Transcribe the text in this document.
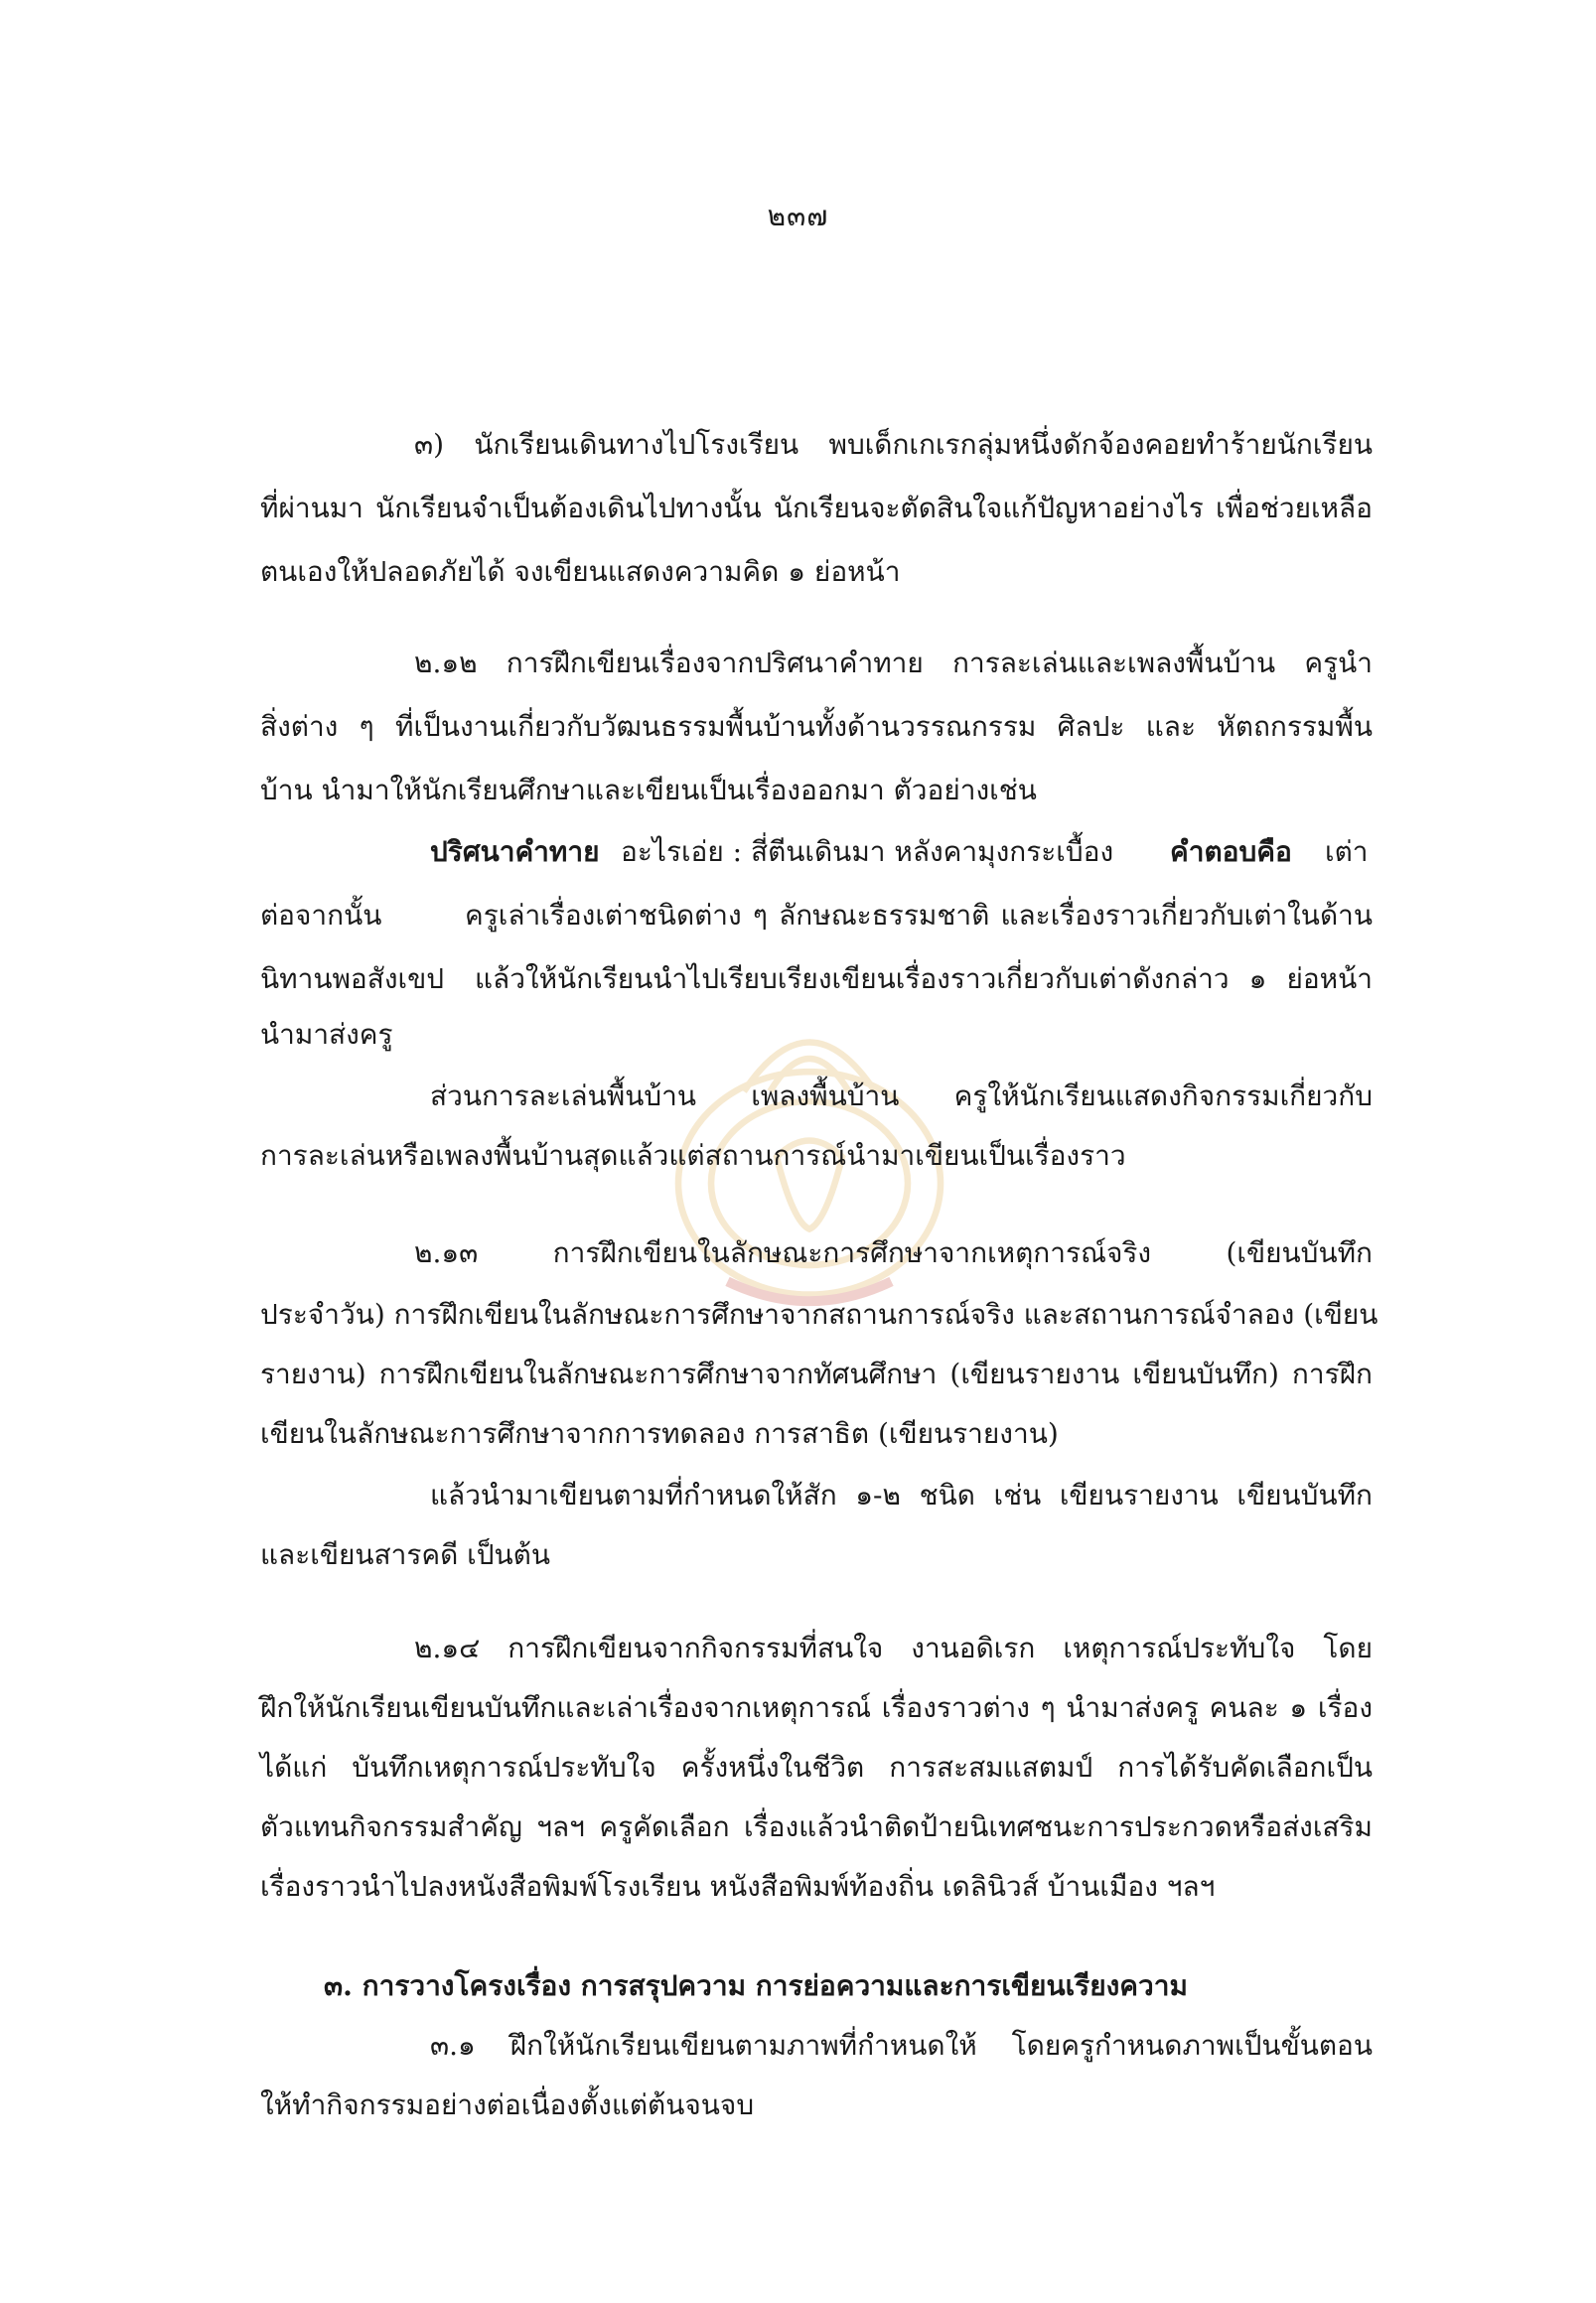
๒๓๗
๓) นักเรียนเดินทางไปโรงเรียน พบเด็กเกเรกลุ่มหนึ่งดักจ้องคอยทำร้ายนักเรียน
ที่ผ่านมา นักเรียนจำเป็นต้องเดินไปทางนั้น นักเรียนจะตัดสินใจแก้ปัญหาอย่างไร เพื่อช่วยเหลือ
ตนเองให้ปลอดภัยได้ จงเขียนแสดงความคิด ๑ ย่อหน้า
๒.๑๒ การฝึกเขียนเรื่องจากปริศนาคำทาย การละเล่นและเพลงพื้นบ้าน ครูนำ
สิ่งต่าง ๆ ที่เป็นงานเกี่ยวกับวัฒนธรรมพื้นบ้านทั้งด้านวรรณกรรม ศิลปะ และ หัตถกรรมพื้น
บ้าน นำมาให้นักเรียนศึกษาและเขียนเป็นเรื่องออกมา ตัวอย่างเช่น
ปริศนาคำทาย อะไรเอ่ย : สี่ตีนเดินมา หลังคามุงกระเบื้อง คำตอบคือ เต่า
ต่อจากนั้น	ครูเล่าเรื่องเต่าชนิดต่าง ๆ ลักษณะธรรมชาติ และเรื่องราวเกี่ยวกับเต่าในด้าน
นิทานพอสังเขป แล้วให้นักเรียนนำไปเรียบเรียงเขียนเรื่องราวเกี่ยวกับเต่าดังกล่าว ๑ ย่อหน้า
นำมาส่งครู
ส่วนการละเล่นพื้นบ้าน เพลงพื้นบ้าน ครูให้นักเรียนแสดงกิจกรรมเกี่ยวกับ
การละเล่นหรือเพลงพื้นบ้านสุดแล้วแต่สถานการณ์นำมาเขียนเป็นเรื่องราว
๒.๑๓ การฝึกเขียนในลักษณะการศึกษาจากเหตุการณ์จริง (เขียนบันทึก
ประจำวัน) การฝึกเขียนในลักษณะการศึกษาจากสถานการณ์จริง และสถานการณ์จำลอง (เขียน
รายงาน) การฝึกเขียนในลักษณะการศึกษาจากทัศนศึกษา (เขียนรายงาน เขียนบันทึก) การฝึก
เขียนในลักษณะการศึกษาจากการทดลอง การสาธิต (เขียนรายงาน)
แล้วนำมาเขียนตามที่กำหนดให้สัก ๑-๒ ชนิด เช่น เขียนรายงาน เขียนบันทึก
และเขียนสารคดี เป็นต้น
๒.๑๔ การฝึกเขียนจากกิจกรรมที่สนใจ งานอดิเรก เหตุการณ์ประทับใจ โดย
ฝึกให้นักเรียนเขียนบันทึกและเล่าเรื่องจากเหตุการณ์ เรื่องราวต่าง ๆ นำมาส่งครู คนละ ๑ เรื่อง
ได้แก่ บันทึกเหตุการณ์ประทับใจ ครั้งหนึ่งในชีวิต การสะสมแสตมป์ การได้รับคัดเลือกเป็น
ตัวแทนกิจกรรมสำคัญ ฯลฯ ครูคัดเลือก เรื่องแล้วนำติดป้ายนิเทศชนะการประกวดหรือส่งเสริม
เรื่องราวนำไปลงหนังสือพิมพ์โรงเรียน หนังสือพิมพ์ท้องถิ่น เดลินิวส์ บ้านเมือง ฯลฯ
๓. การวางโครงเรื่อง การสรุปความ การย่อความและการเขียนเรียงความ
๓.๑ ฝึกให้นักเรียนเขียนตามภาพที่กำหนดให้ โดยครูกำหนดภาพเป็นขั้นตอน
ให้ทำกิจกรรมอย่างต่อเนื่องตั้งแต่ต้นจนจบ
